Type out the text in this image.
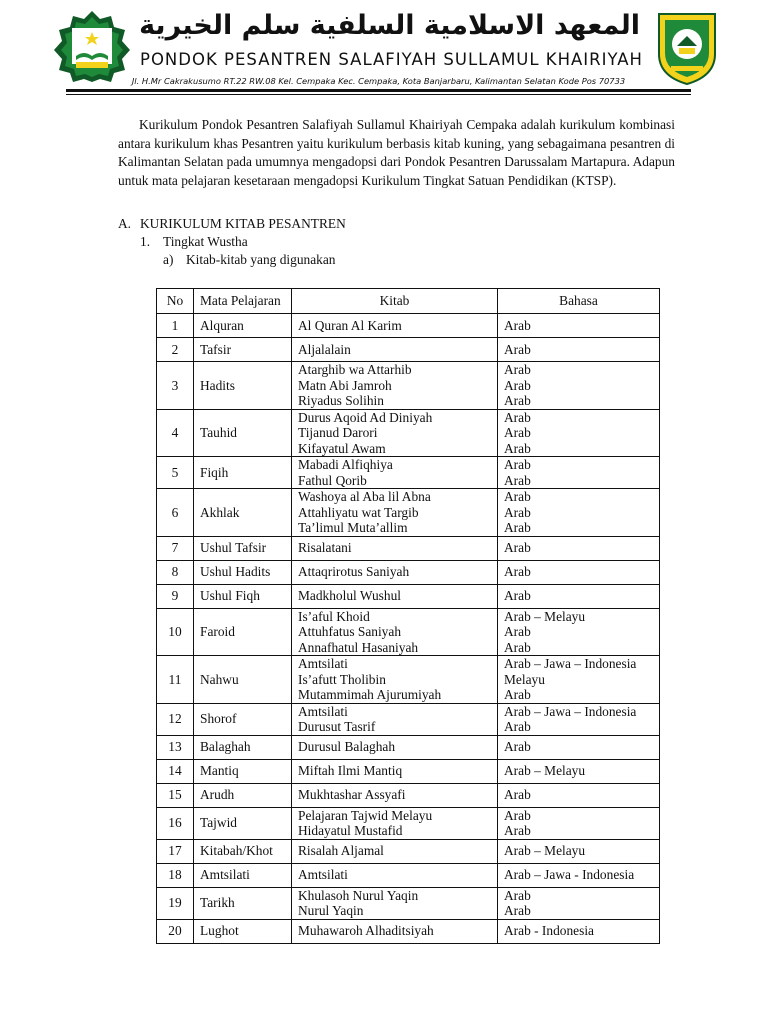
المعهد الاسلامية السلفية سلم الخيرية
PONDOK PESANTREN SALAFIYAH SULLAMUL KHAIRIYAH
Jl. H.Mr Cakrakusumo RT.22 RW.08 Kel. Cempaka Kec. Cempaka, Kota Banjarbaru, Kalimantan Selatan Kode Pos 70733

Kurikulum Pondok Pesantren Salafiyah Sullamul Khairiyah Cempaka adalah kurikulum kombinasi antara kurikulum khas Pesantren yaitu kurikulum berbasis kitab kuning, yang sebagaimana pesantren di Kalimantan Selatan pada umumnya mengadopsi dari Pondok Pesantren Darussalam Martapura. Adapun untuk mata pelajaran kesetaraan mengadopsi Kurikulum Tingkat Satuan Pendidikan (KTSP).

A. KURIKULUM KITAB PESANTREN
1. Tingkat Wustha
a) Kitab-kitab yang digunakan
No	Mata Pelajaran	Kitab	Bahasa
1	Alquran	Al Quran Al Karim	Arab

2	Tafsir	Aljalalain	Arab

3	Hadits	Atarghib wa Attarhib
Matn Abi Jamroh
Riyadus Solihin	Arab
Arab
Arab

4	Tauhid	Durus Aqoid Ad Diniyah
Tijanud Darori
Kifayatul Awam	Arab
Arab
Arab

5	Fiqih	Mabadi Alfiqhiya
Fathul Qorib	Arab
Arab

6	Akhlak	Washoya al Aba lil Abna
Attahliyatu wat Targib
Ta’limul Muta’allim	Arab
Arab
Arab

7	Ushul Tafsir	Risalatani	Arab

8	Ushul Hadits	Attaqrirotus Saniyah	Arab

9	Ushul Fiqh	Madkholul Wushul	Arab

10	Faroid	Is’aful Khoid
Attuhfatus Saniyah
Annafhatul Hasaniyah	Arab – Melayu
Arab
Arab

11	Nahwu	Amtsilati
Is’afutt Tholibin
Mutammimah Ajurumiyah	Arab – Jawa – Indonesia
Melayu
Arab

12	Shorof	Amtsilati
Durusut Tasrif	Arab – Jawa – Indonesia
Arab

13	Balaghah	Durusul Balaghah	Arab

14	Mantiq	Miftah Ilmi Mantiq	Arab – Melayu

15	Arudh	Mukhtashar Assyafi	Arab

16	Tajwid	Pelajaran Tajwid Melayu
Hidayatul Mustafid	Arab
Arab

17	Kitabah/Khot	Risalah Aljamal	Arab – Melayu

18	Amtsilati	Amtsilati	Arab – Jawa - Indonesia

19	Tarikh	Khulasoh Nurul Yaqin
Nurul Yaqin	Arab
Arab

20	Lughot	Muhawaroh Alhaditsiyah	Arab - Indonesia
